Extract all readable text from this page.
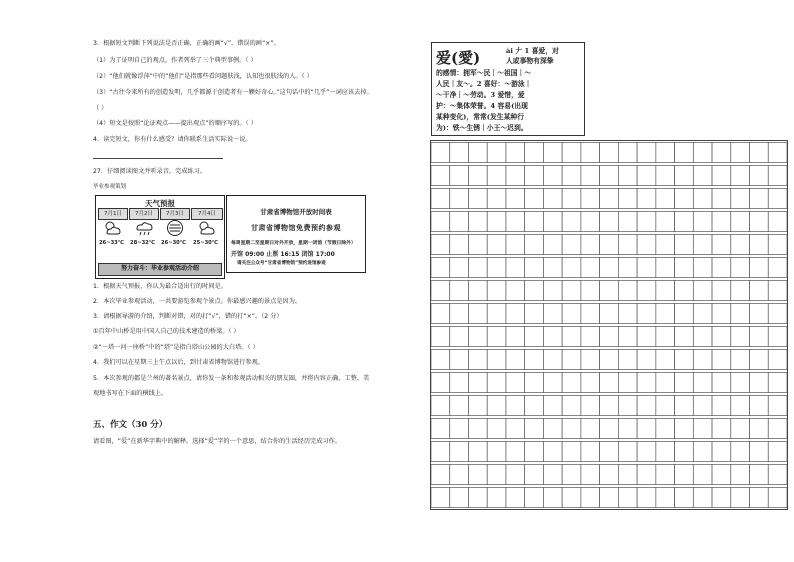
3．根据短文判断下列说法是否正确，正确的画“√”，错误的画“×”。
（1）为了证明自己的观点，作者列举了三个典型事例。（ ）
（2）“他们就像浮萍”中的“他们”是指那些看问题肤浅，认知也很肤浅的人。（ ）
（3）“古往今来所有的创造发明，几乎都源于创造者有一颗好奇心。”这句话中的“几乎”一词应该去掉。
（ ）
（4）短文是按照“论证观点——提出观点”的顺序写的。（ ）
4．读完短文，你有什么感受？请你联系生活实际说一说。
27．仔细阅读图文并听录音，完成练习。
毕业参观策划
天气预报
7月1日	7月2日	7月3日	7月4日
26~33℃ 28~32℃ 26~30℃ 25~30℃
努力奋斗：毕业参观活动介绍
甘肃省博物馆开放时间表
甘肃省博物馆免费预约参观
每周星期二至星期日对外开放，星期一闭馆（节假日除外）
开馆 09:00 止票 16:15 闭馆 17:00
请关注公众号“甘肃省博物馆”预约进馆参观
1．根据天气预报，你认为最合适出行的时间是。
2．本次毕业参观活动，一共要游览参观个景点。你最感兴趣的景点是因为。
3．请根据导游的介绍，判断对错，对的打“√”，错的打“×”。（2 分）
①百年中山桥是用中国人自己的技术建造的桥梁。（ ）
②“一塔一河一座桥”中的“塔”是指白塔山公园的大白塔。（ ）
4．我们可以在星期三上午点以后，到甘肃省博物馆进行参观。
5．本次参观的都是兰州的著名景点，请你发一条和参观活动相关的朋友圈，并将内容正确、工整、美
观地书写在下面的横线上。
五、作文（30 分）
请看图，“爱”在新华字典中的解释。选择“爱”字的一个意思，结合你的生活经历完成习作。
爱(愛)	ài 𠂇 1 喜爱，对
人或事物有深挚
的感情：拥军～民｜～祖国｜～
人民｜友～。2 喜好：～游泳｜
～干净｜～劳动。3 爱惜，爱
护：～集体荣誉。4 容易(出现
某种变化)，常常(发生某种行
为)：铁～生锈｜小王～迟到。
